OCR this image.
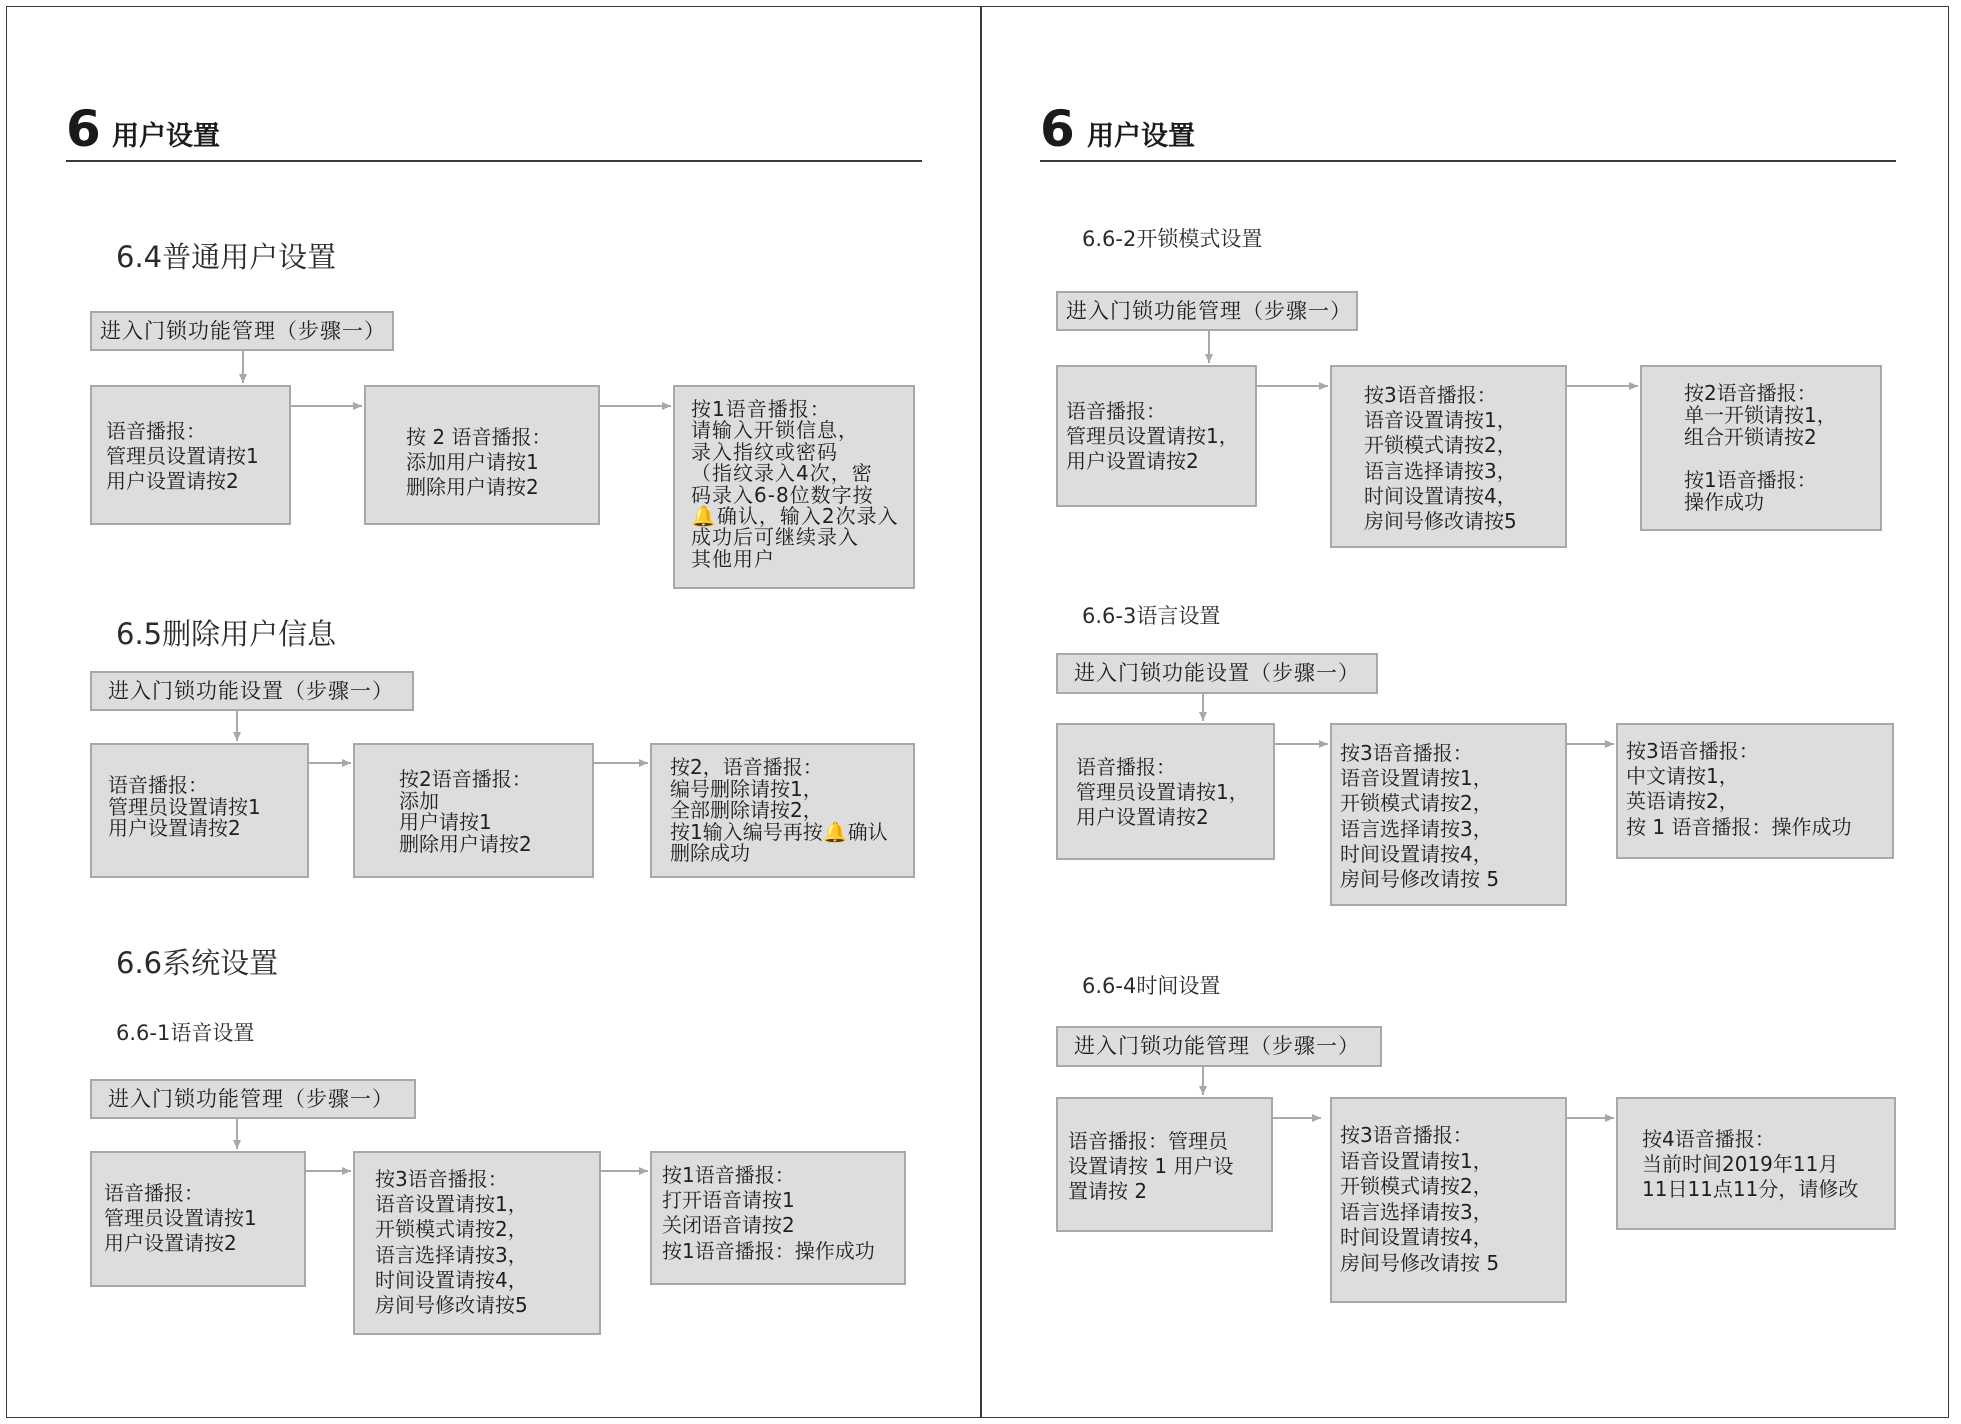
6 用户设置	6 用户设置
6.4普通用户设置
进入门锁功能管理（步骤一）
语音播报：
管理员设置请按1
用户设置请按2
按 2 语音播报：
添加用户请按1
删除用户请按2
按1语音播报：
请输入开锁信息，
录入指纹或密码
（指纹录入4次，密
码录入6-8位数字按
🔔确认，输入2次录入
成功后可继续录入
其他用户
6.5删除用户信息
进入门锁功能设置（步骤一）
语音播报：
管理员设置请按1
用户设置请按2
按2语音播报：
添加
用户请按1
删除用户请按2
按2，语音播报：
编号删除请按1，
全部删除请按2，
按1输入编号再按🔔确认
删除成功
6.6系统设置
6.6-1语音设置
进入门锁功能管理（步骤一）
语音播报：
管理员设置请按1
用户设置请按2
按3语音播报：
语音设置请按1，
开锁模式请按2，
语言选择请按3，
时间设置请按4，
房间号修改请按5
按1语音播报：
打开语音请按1
关闭语音请按2
按1语音播报：操作成功
6.6-2开锁模式设置
进入门锁功能管理（步骤一）
语音播报：
管理员设置请按1，
用户设置请按2
按3语音播报：
语音设置请按1，
开锁模式请按2，
语言选择请按3，
时间设置请按4，
房间号修改请按5
按2语音播报：
单一开锁请按1，
组合开锁请按2

按1语音播报：
操作成功
6.6-3语言设置
进入门锁功能设置（步骤一）
语音播报：
管理员设置请按1，
用户设置请按2
按3语音播报：
语音设置请按1，
开锁模式请按2，
语言选择请按3，
时间设置请按4，
房间号修改请按 5
按3语音播报：
中文请按1，
英语请按2，
按 1 语音播报：操作成功
6.6-4时间设置
进入门锁功能管理（步骤一）
语音播报：管理员
设置请按 1 用户设
置请按 2
按3语音播报：
语音设置请按1，
开锁模式请按2，
语言选择请按3，
时间设置请按4，
房间号修改请按 5
按4语音播报：
当前时间2019年11月
11日11点11分，请修改
